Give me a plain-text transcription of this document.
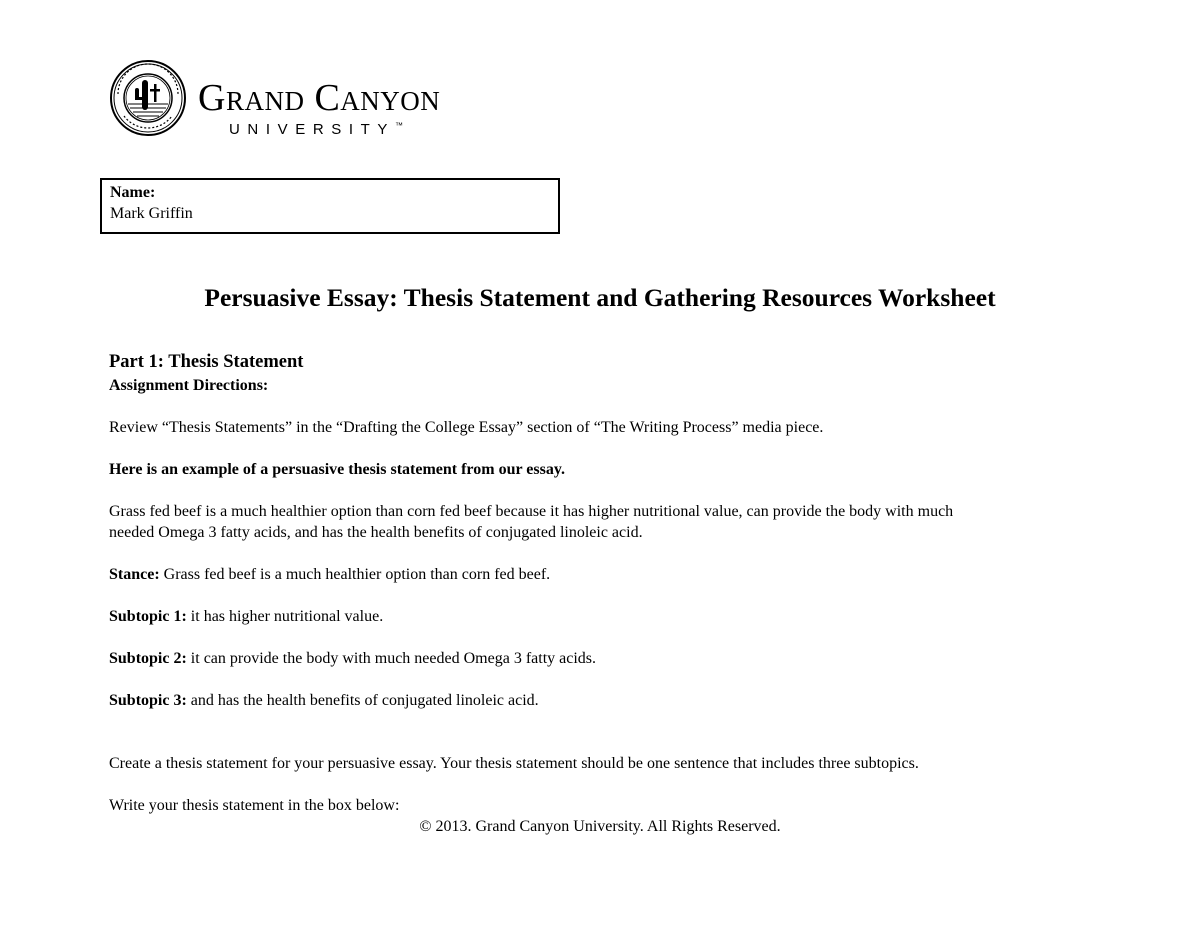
Grand Canyon
UNIVERSITY™
Name:
Mark Griffin
Persuasive Essay: Thesis Statement and Gathering Resources Worksheet
Part 1: Thesis Statement
Assignment Directions:
Review “Thesis Statements” in the “Drafting the College Essay” section of “The Writing Process” media piece.
Here is an example of a persuasive thesis statement from our essay.
Grass fed beef is a much healthier option than corn fed beef because it has higher nutritional value, can provide the body with much
needed Omega 3 fatty acids, and has the health benefits of conjugated linoleic acid.
Stance: Grass fed beef is a much healthier option than corn fed beef.
Subtopic 1: it has higher nutritional value.
Subtopic 2: it can provide the body with much needed Omega 3 fatty acids.
Subtopic 3: and has the health benefits of conjugated linoleic acid.
Create a thesis statement for your persuasive essay. Your thesis statement should be one sentence that includes three subtopics.
Write your thesis statement in the box below:
© 2013. Grand Canyon University. All Rights Reserved.
